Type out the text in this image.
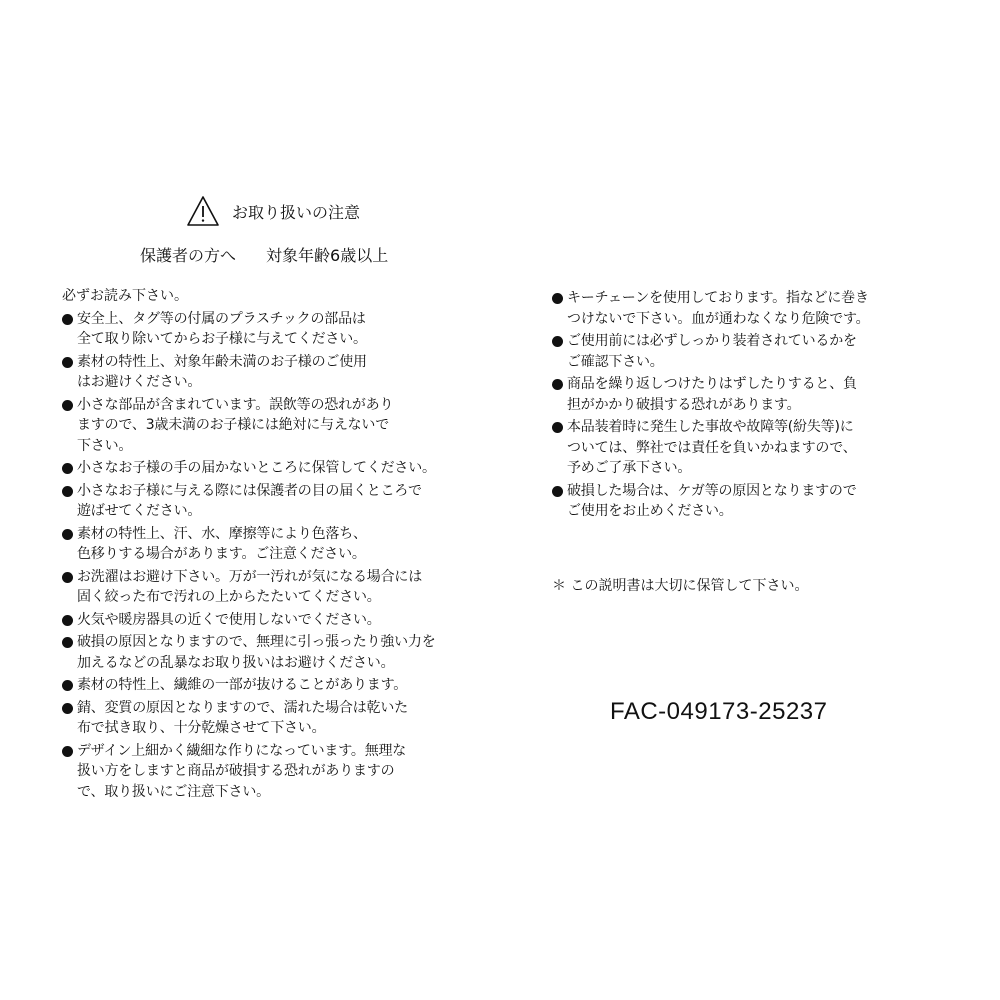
お取り扱いの注意
保護者の方へ 対象年齢6歳以上
必ずお読み下さい。
安全上、タグ等の付属のプラスチックの部品は
全て取り除いてからお子様に与えてください。
素材の特性上、対象年齢未満のお子様のご使用
はお避けください。
小さな部品が含まれています。誤飲等の恐れがあり
ますので、3歳未満のお子様には絶対に与えないで
下さい。
小さなお子様の手の届かないところに保管してください。
小さなお子様に与える際には保護者の目の届くところで
遊ばせてください。
素材の特性上、汗、水、摩擦等により色落ち、
色移りする場合があります。ご注意ください。
お洗濯はお避け下さい。万が一汚れが気になる場合には
固く絞った布で汚れの上からたたいてください。
火気や暖房器具の近くで使用しないでください。
破損の原因となりますので、無理に引っ張ったり強い力を
加えるなどの乱暴なお取り扱いはお避けください。
素材の特性上、繊維の一部が抜けることがあります。
錆、変質の原因となりますので、濡れた場合は乾いた
布で拭き取り、十分乾燥させて下さい。
デザイン上細かく繊細な作りになっています。無理な
扱い方をしますと商品が破損する恐れがありますの
で、取り扱いにご注意下さい。
キーチェーンを使用しております。指などに巻き
つけないで下さい。血が通わなくなり危険です。
ご使用前には必ずしっかり装着されているかを
ご確認下さい。
商品を繰り返しつけたりはずしたりすると、負
担がかかり破損する恐れがあります。
本品装着時に発生した事故や故障等(紛失等)に
ついては、弊社では責任を負いかねますので、
予めご了承下さい。
破損した場合は、ケガ等の原因となりますので
ご使用をお止めください。
＊ この説明書は大切に保管して下さい。
FAC-049173-25237
